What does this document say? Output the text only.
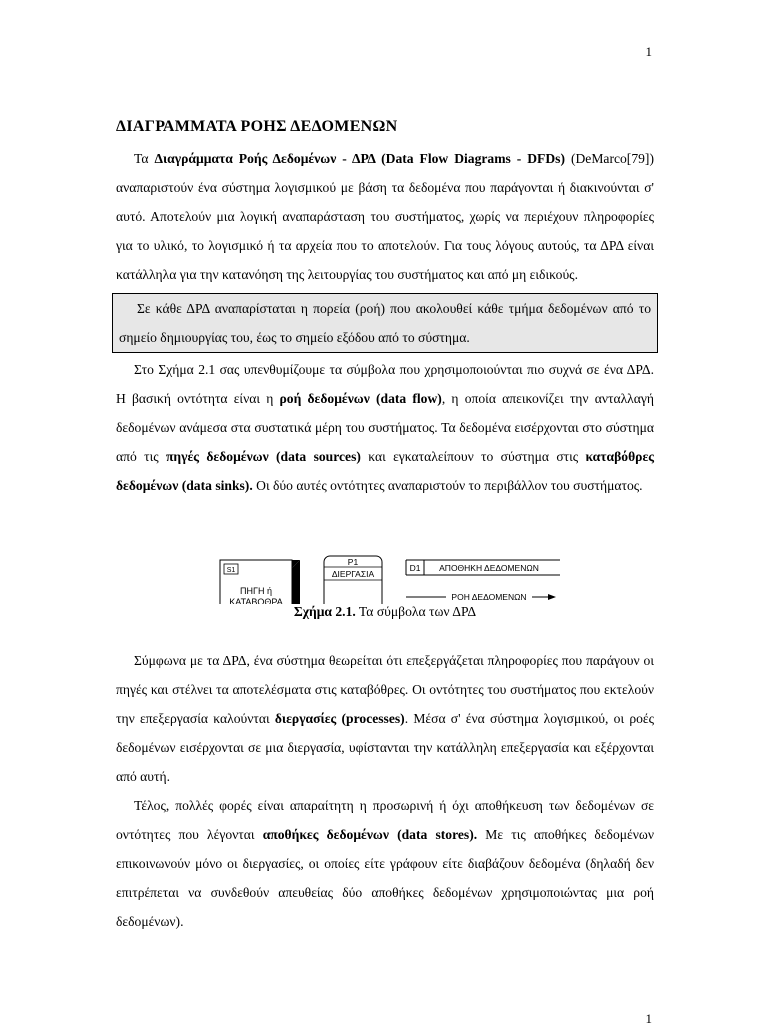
1
ΔΙΑΓΡΑΜΜΑΤΑ ΡΟΗΣ ΔΕΔΟΜΕΝΩΝ

Τα Διαγράμματα Ροής Δεδομένων - ΔΡΔ (Data Flow Diagrams - DFDs) (DeMarco[79]) αναπαριστούν ένα σύστημα λογισμικού με βάση τα δεδομένα που παράγονται ή διακινούνται σ' αυτό. Αποτελούν μια λογική αναπαράσταση του συστήματος, χωρίς να περιέχουν πληροφορίες για το υλικό, το λογισμικό ή τα αρχεία που το αποτελούν. Για τους λόγους αυτούς, τα ΔΡΔ είναι κατάλληλα για την κατανόηση της λειτουργίας του συστήματος και από μη ειδικούς.

Σε κάθε ΔΡΔ αναπαρίσταται η πορεία (ροή) που ακολουθεί κάθε τμήμα δεδομένων από το σημείο δημιουργίας του, έως το σημείο εξόδου από το σύστημα.

Στο Σχήμα 2.1 σας υπενθυμίζουμε τα σύμβολα που χρησιμοποιούνται πιο συχνά σε ένα ΔΡΔ. Η βασική οντότητα είναι η ροή δεδομένων (data flow), η οποία απεικονίζει την ανταλλαγή δεδομένων ανάμεσα στα συστατικά μέρη του συστήματος. Τα δεδομένα εισέρχονται στο σύστημα από τις πηγές δεδομένων (data sources) και εγκαταλείπουν το σύστημα στις καταβόθρες δεδομένων (data sinks). Οι δύο αυτές οντότητες αναπαριστούν το περιβάλλον του συστήματος.

S1
ΠΗΓΗ ή
ΚΑΤΑΒΟΘΡΑ
P1
ΔΙΕΡΓΑΣΙΑ
D1 ΑΠΟΘΗΚΗ ΔΕΔΟΜΕΝΩΝ
ΡΟΗ ΔΕΔΟΜΕΝΩΝ

Σχήμα 2.1. Τα σύμβολα των ΔΡΔ

Σύμφωνα με τα ΔΡΔ, ένα σύστημα θεωρείται ότι επεξεργάζεται πληροφορίες που παράγουν οι πηγές και στέλνει τα αποτελέσματα στις καταβόθρες. Οι οντότητες του συστήματος που εκτελούν την επεξεργασία καλούνται διεργασίες (processes). Μέσα σ' ένα σύστημα λογισμικού, οι ροές δεδομένων εισέρχονται σε μια διεργασία, υφίστανται την κατάλληλη επεξεργασία και εξέρχονται από αυτή.

Τέλος, πολλές φορές είναι απαραίτητη η προσωρινή ή όχι αποθήκευση των δεδομένων σε οντότητες που λέγονται αποθήκες δεδομένων (data stores). Με τις αποθήκες δεδομένων επικοινωνούν μόνο οι διεργασίες, οι οποίες είτε γράφουν είτε διαβάζουν δεδομένα (δηλαδή δεν επιτρέπεται να συνδεθούν απευθείας δύο αποθήκες δεδομένων χρησιμοποιώντας μια ροή δεδομένων).

1
